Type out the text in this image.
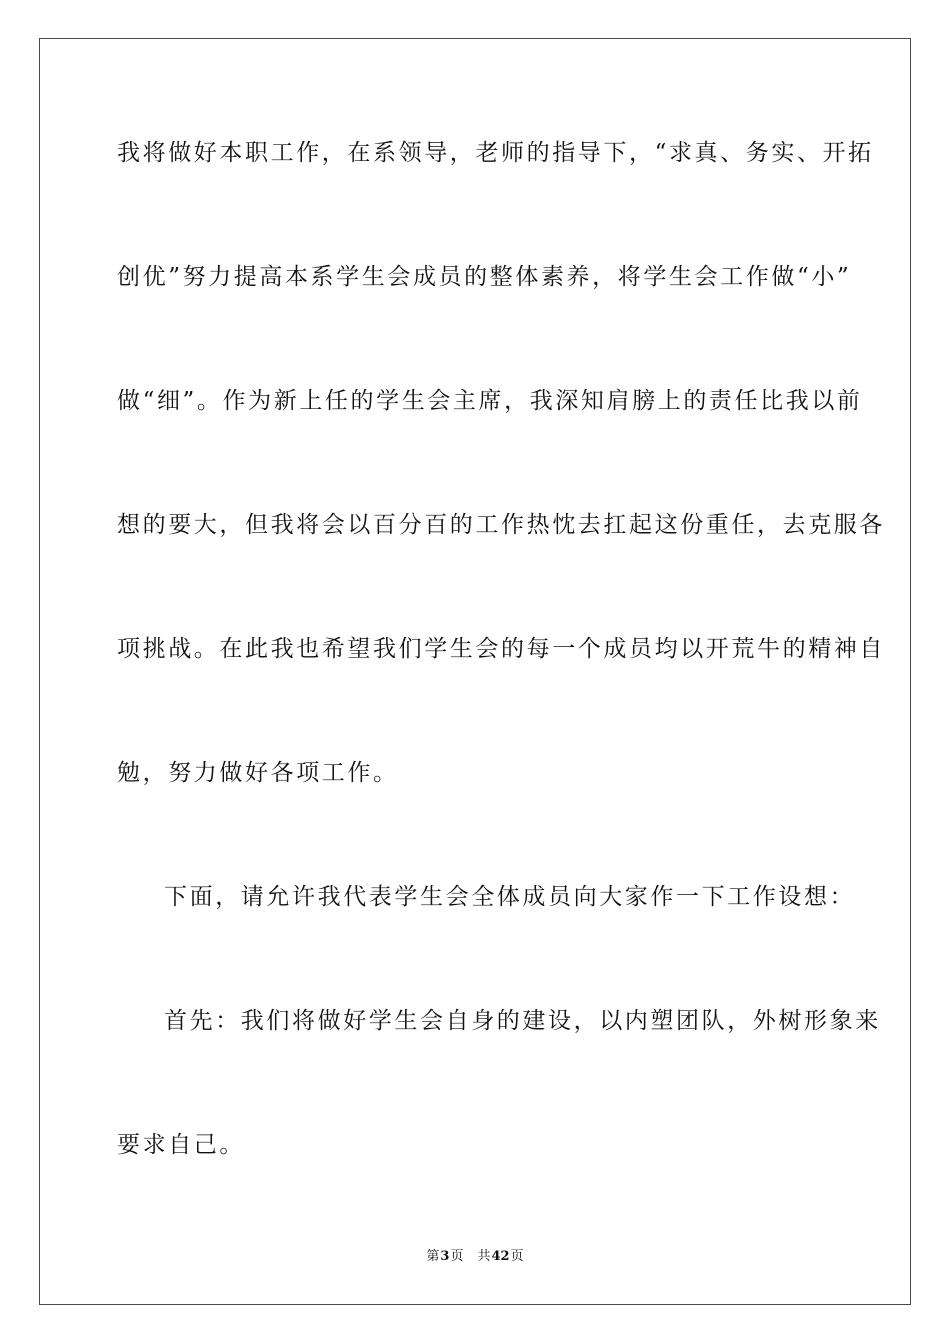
我将做好本职工作，在系领导，老师的指导下，“求真、务实、开拓
创优”努力提高本系学生会成员的整体素养，将学生会工作做“小”
做“细”。作为新上任的学生会主席，我深知肩膀上的责任比我以前
想的要大，但我将会以百分百的工作热忱去扛起这份重任，去克服各
项挑战。在此我也希望我们学生会的每一个成员均以开荒牛的精神自
勉，努力做好各项工作。
下面，请允许我代表学生会全体成员向大家作一下工作设想：
首先：我们将做好学生会自身的建设，以内塑团队，外树形象来
要求自己。
第3页 共42页
